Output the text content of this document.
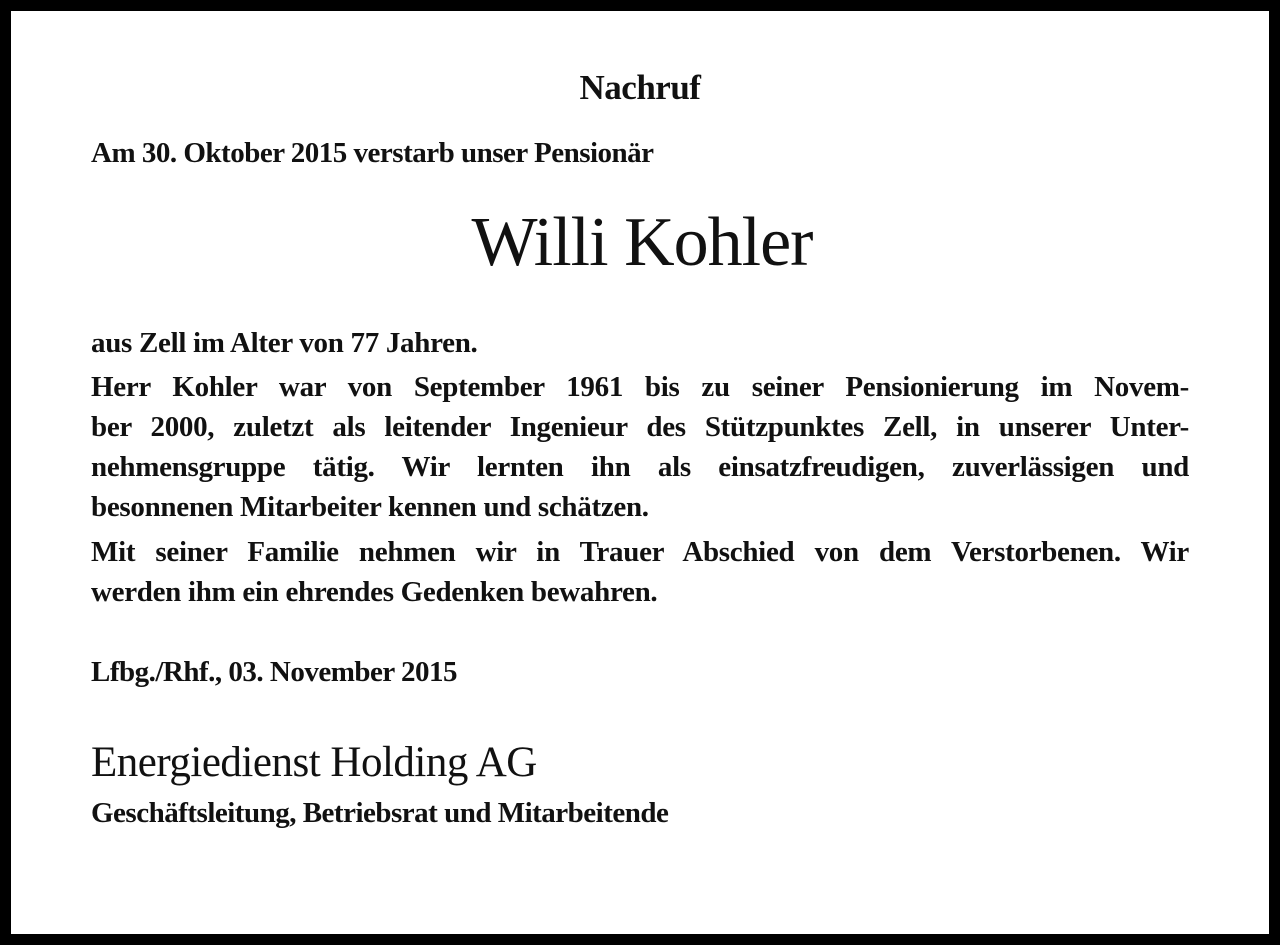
Nachruf
Am 30. Oktober 2015 verstarb unser Pensionär
Willi Kohler
aus Zell im Alter von 77 Jahren.
Herr Kohler war von September 1961 bis zu seiner Pensionierung im Novem-
ber 2000, zuletzt als leitender Ingenieur des Stützpunktes Zell, in unserer Unter-
nehmensgruppe tätig. Wir lernten ihn als einsatzfreudigen, zuverlässigen und
besonnenen Mitarbeiter kennen und schätzen.
Mit seiner Familie nehmen wir in Trauer Abschied von dem Verstorbenen. Wir
werden ihm ein ehrendes Gedenken bewahren.
Lfbg./Rhf., 03. November 2015
Energiedienst Holding AG
Geschäftsleitung, Betriebsrat und Mitarbeitende
